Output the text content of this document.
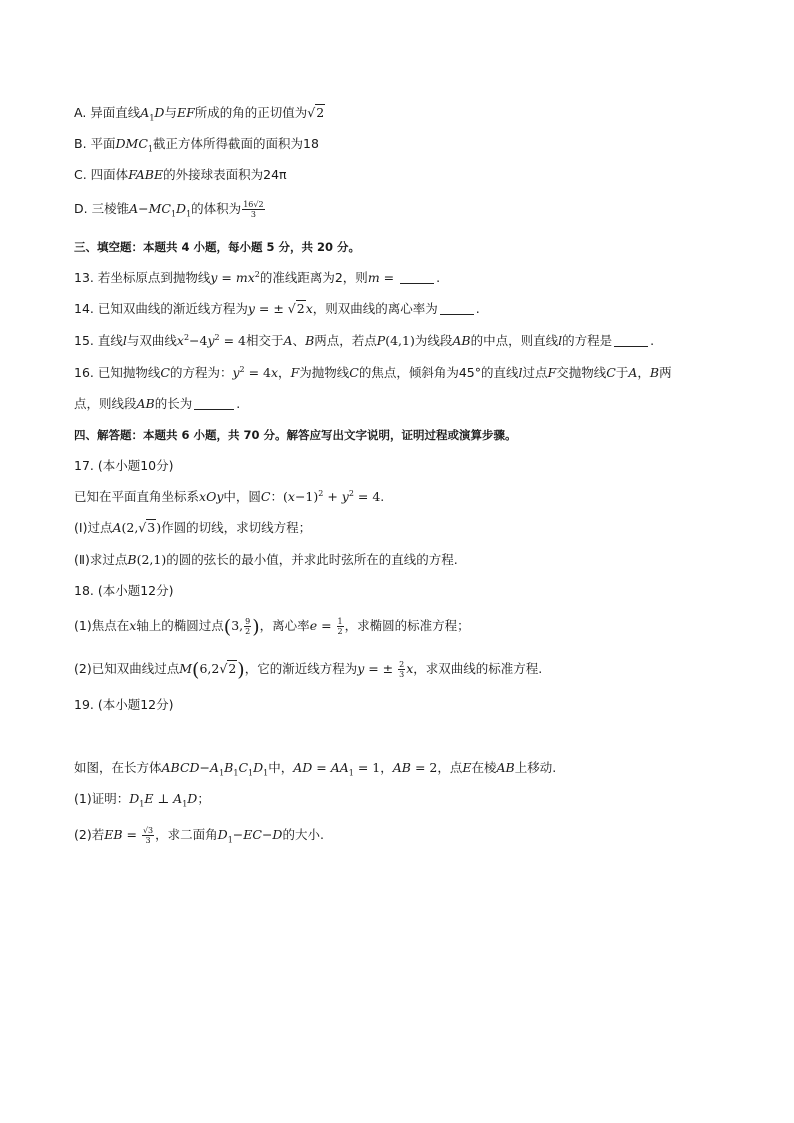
A. 异面直线$A_1D$与EF所成的角的正切值为√2
B. 平面$DMC_1$截正方体所得截面的面积为18
C. 四面体FABE的外接球表面积为24π
D. 三棱锥$A-MC_1D_1$的体积为 $\frac{16√2}{3}$
三、填空题：本题共 4 小题，每小题 5 分，共 20 分。
13. 若坐标原点到抛物线$y = mx^2$的准线距离为2，则m =	.
14. 已知双曲线的渐近线方程为y = ± √2x，则双曲线的离心率为	.
15. 直线l与双曲线$x^2-4y^2 = 4$相交于A、B两点，若点P(4,1)为线段AB的中点，则直线l的方程是	.
16. 已知抛物线C的方程为：$y^2 = 4x$，F为抛物线C的焦点，倾斜角为45°的直线l过点F交抛物线C于A，B两
点，则线段AB的长为	.
四、解答题：本题共 6 小题，共 70 分。解答应写出文字说明，证明过程或演算步骤。
17. (本小题10分)
已知在平面直角坐标系xOy中，圆C：$(x-1)^2 + y^2 = 4$.
(Ⅰ)过点A(2,√3)作圆的切线，求切线方程；
(Ⅱ)求过点B(2,1)的圆的弦长的最小值，并求此时弦所在的直线的方程.
18. (本小题12分)
(1)焦点在x轴上的椭圆过点(3, $\frac{9}{2}$ )，离心率$e = \frac{1}{2}$ ，求椭圆的标准方程；
(2)已知双曲线过点M(6,2√2)，它的渐近线方程为y = ± $\frac{2}{3}$ x，求双曲线的标准方程.
19. (本小题12分)
如图，在长方体$ABCD-A_1B_1C_1D_1$中，AD = $AA_1 = 1$，AB = 2，点E在棱AB上移动.
(1)证明：$D_1E$ ⊥ $A_1D$；
(2)若EB = $\frac{√3}{3}$ ，求二面角$D_1-EC-D$的大小.
